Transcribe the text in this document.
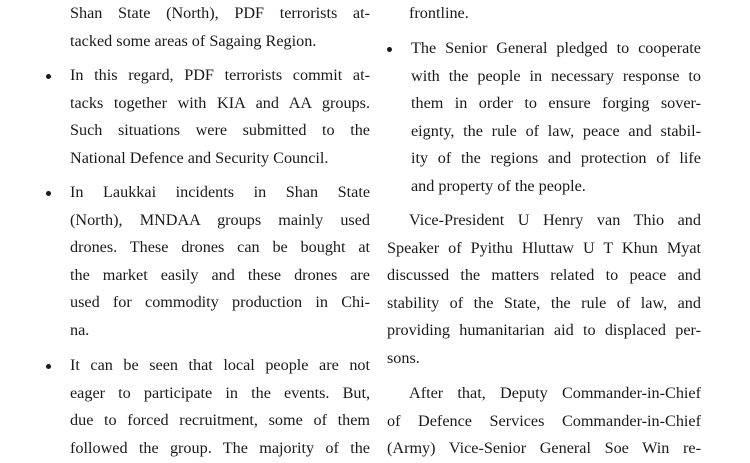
Shan State (North), PDF terrorists at-
tacked some areas of Sagaing Region.
In this regard, PDF terrorists commit at-
tacks together with KIA and AA groups.
Such situations were submitted to the
National Defence and Security Council.
In Laukkai incidents in Shan State
(North), MNDAA groups mainly used
drones. These drones can be bought at
the market easily and these drones are
used for commodity production in Chi-
na.
It can be seen that local people are not
eager to participate in the events. But,
due to forced recruitment, some of them
followed the group. The majority of the
frontline.
The Senior General pledged to cooperate
with the people in necessary response to
them in order to ensure forging sover-
eignty, the rule of law, peace and stabil-
ity of the regions and protection of life
and property of the people.
Vice-President U Henry van Thio and
Speaker of Pyithu Hluttaw U T Khun Myat
discussed the matters related to peace and
stability of the State, the rule of law, and
providing humanitarian aid to displaced per-
sons.
After that, Deputy Commander-in-Chief
of Defence Services Commander-in-Chief
(Army) Vice-Senior General Soe Win re-
